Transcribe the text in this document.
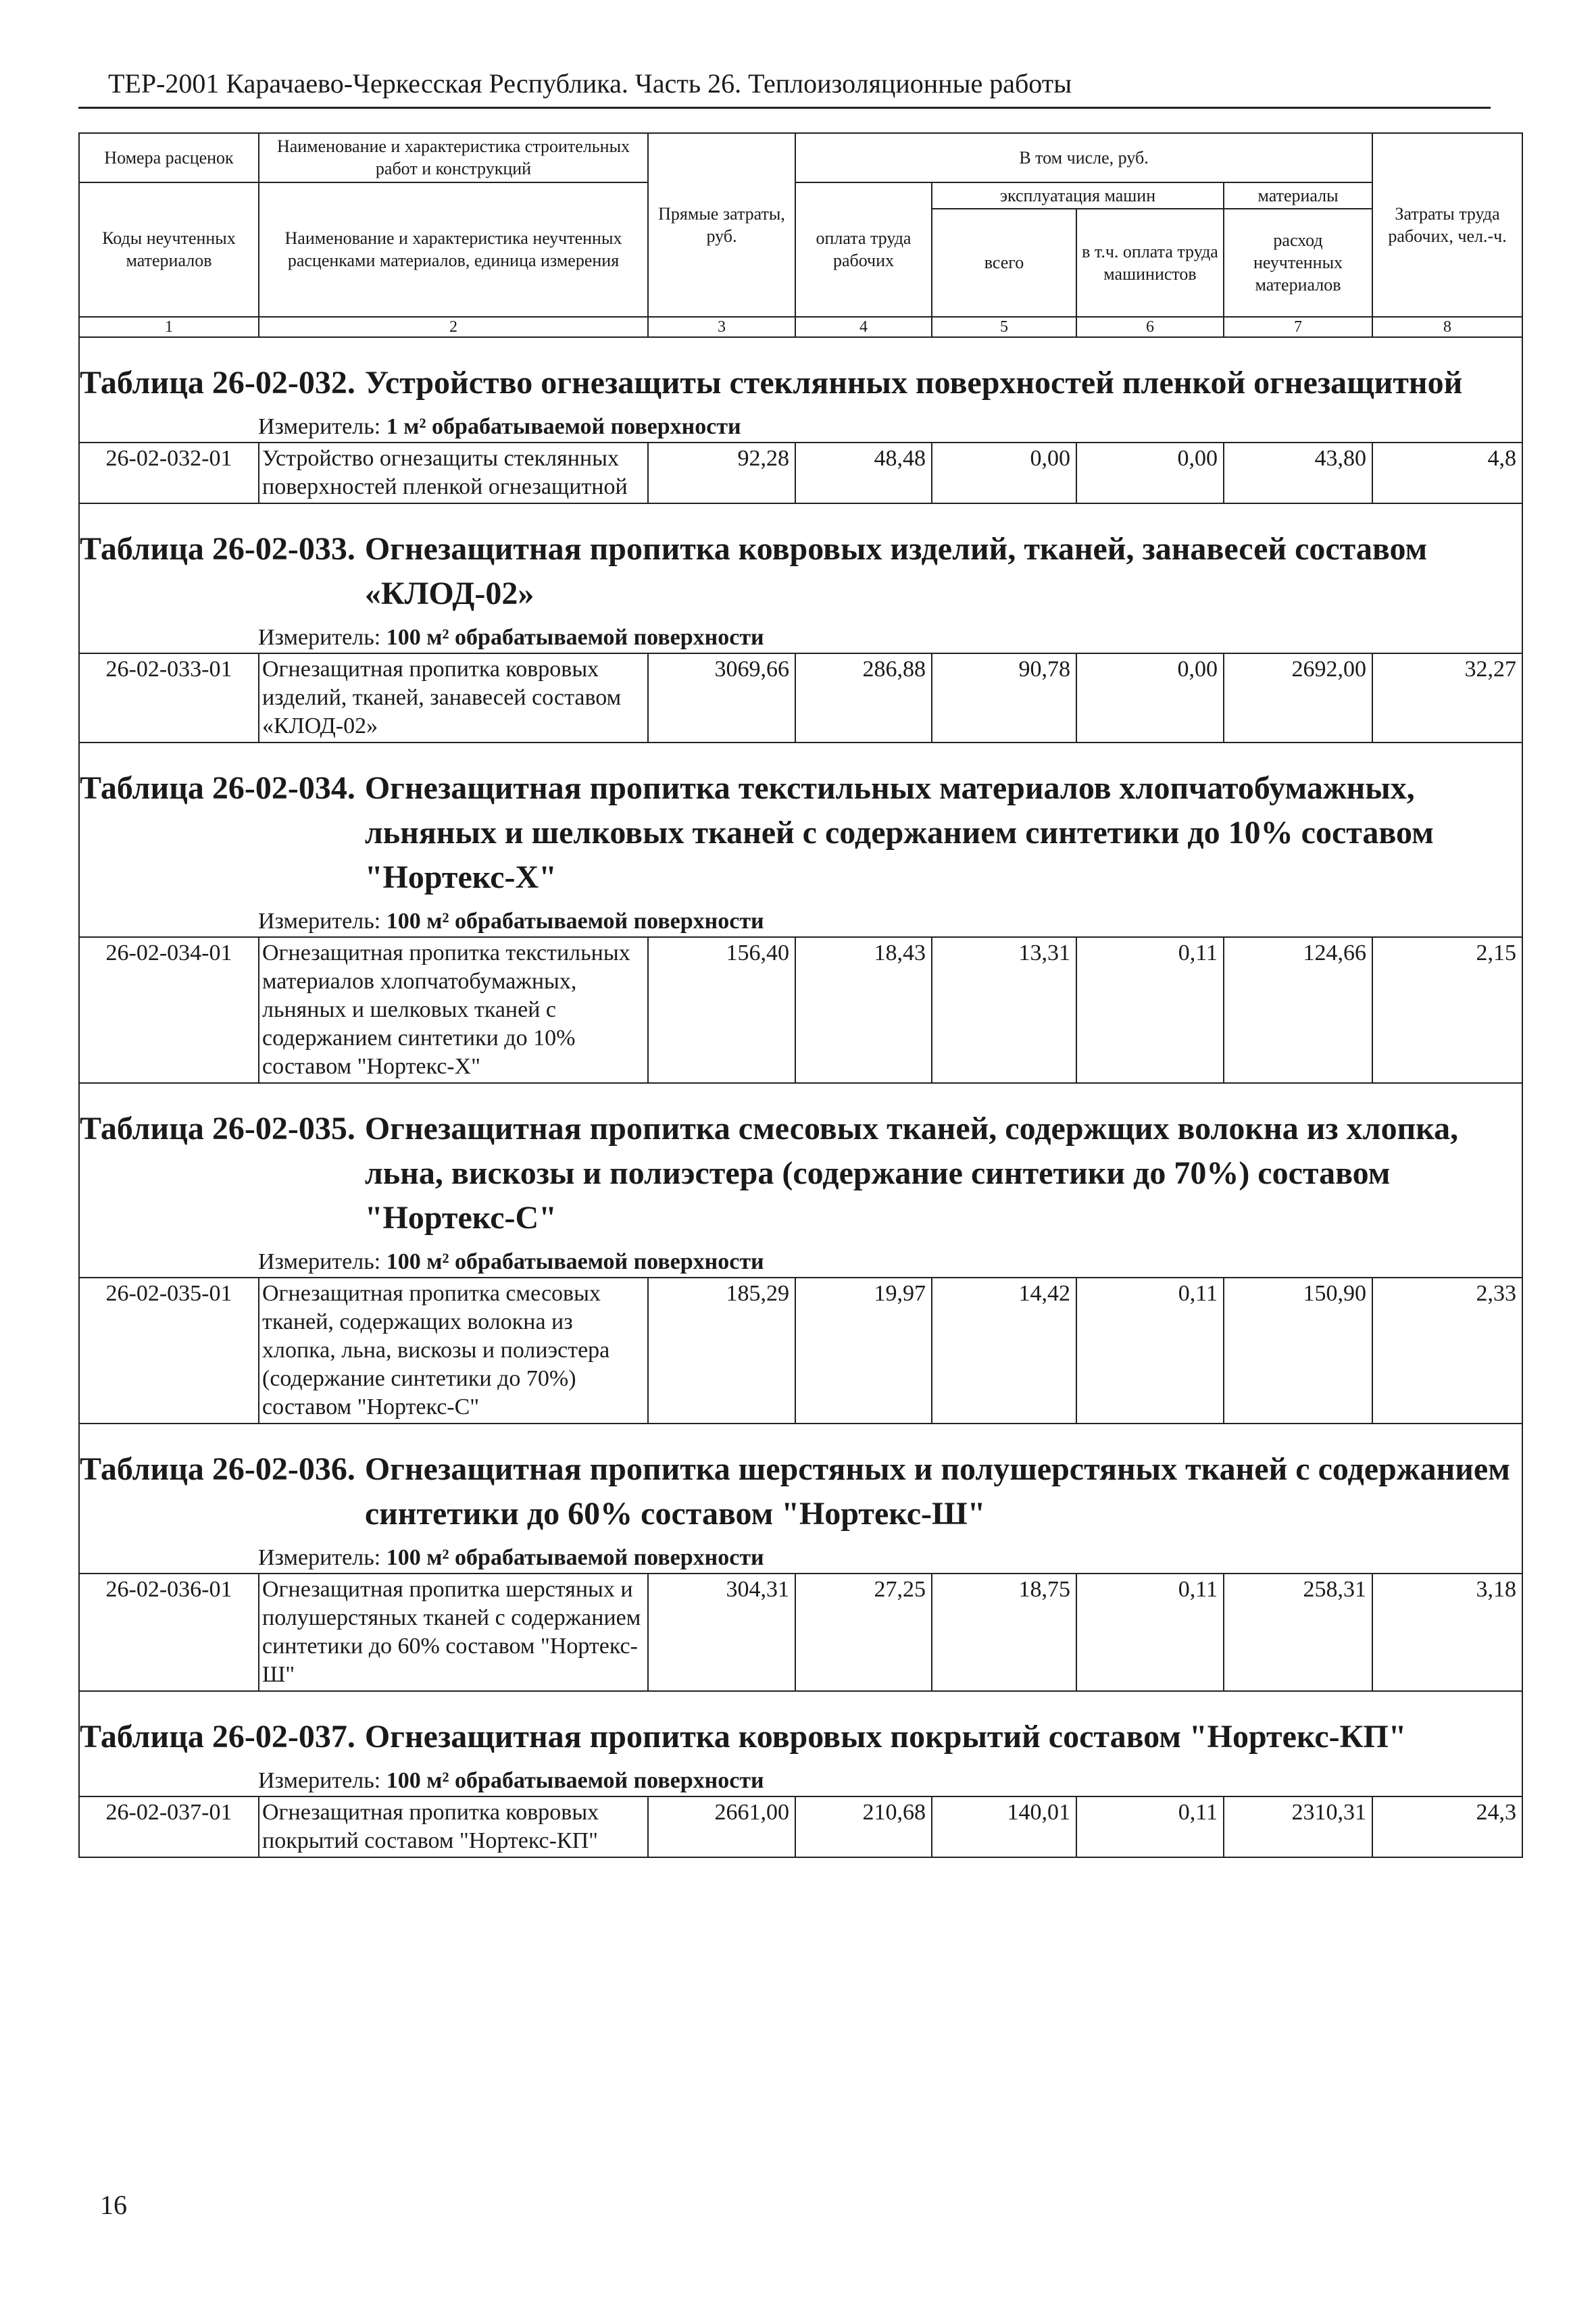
ТЕР-2001 Карачаево-Черкесская Республика. Часть 26. Теплоизоляционные работы
Номера расценок	Наименование и характеристика строительных работ и конструкций	Прямые затраты, руб.	В том числе, руб.				Затраты труда рабочих, чел.-ч.
Коды неучтенных материалов	Наименование и характеристика неучтенных расценками материалов, единица измерения		оплата труда рабочих	эксплуатация машин		материалы	
				всего	в т.ч. оплата труда машинистов	расход неучтенных материалов	

1	2	3	4	5	6	7	8

Таблица 26-02-032. Устройство огнезащиты стеклянных поверхностей пленкой огнезащитной
Измеритель: 1 м² обрабатываемой поверхности							

26-02-032-01	Устройство огнезащиты стеклянных поверхностей пленкой огнезащитной	92,28	48,48	0,00	0,00	43,80	4,8

Таблица 26-02-033. Огнезащитная пропитка ковровых изделий, тканей, занавесей составом «КЛОД-02»
Измеритель: 100 м² обрабатываемой поверхности							

26-02-033-01	Огнезащитная пропитка ковровых изделий, тканей, занавесей составом «КЛОД-02»	3069,66	286,88	90,78	0,00	2692,00	32,27

Таблица 26-02-034. Огнезащитная пропитка текстильных материалов хлопчатобумажных, льняных и шелковых тканей с содержанием синтетики до 10% составом "Нортекс-Х"
Измеритель: 100 м² обрабатываемой поверхности							

26-02-034-01	Огнезащитная пропитка текстильных материалов хлопчатобумажных, льняных и шелковых тканей с содержанием синтетики до 10% составом "Нортекс-Х"	156,40	18,43	13,31	0,11	124,66	2,15

Таблица 26-02-035. Огнезащитная пропитка смесовых тканей, содержщих волокна из хлопка, льна, вискозы и полиэстера (содержание синтетики до 70%) составом "Нортекс-С"
Измеритель: 100 м² обрабатываемой поверхности							

26-02-035-01	Огнезащитная пропитка смесовых тканей, содержащих волокна из хлопка, льна, вискозы и полиэстера (содержание синтетики до 70%) составом "Нортекс-С"	185,29	19,97	14,42	0,11	150,90	2,33

Таблица 26-02-036. Огнезащитная пропитка шерстяных и полушерстяных тканей с содержанием синтетики до 60% составом "Нортекс-Ш"
Измеритель: 100 м² обрабатываемой поверхности							

26-02-036-01	Огнезащитная пропитка шерстяных и полушерстяных тканей с содержанием синтетики до 60% составом "Нортекс-Ш"	304,31	27,25	18,75	0,11	258,31	3,18

Таблица 26-02-037. Огнезащитная пропитка ковровых покрытий составом "Нортекс-КП"
Измеритель: 100 м² обрабатываемой поверхности							

26-02-037-01	Огнезащитная пропитка ковровых покрытий составом "Нортекс-КП"	2661,00	210,68	140,01	0,11	2310,31	24,3
16
